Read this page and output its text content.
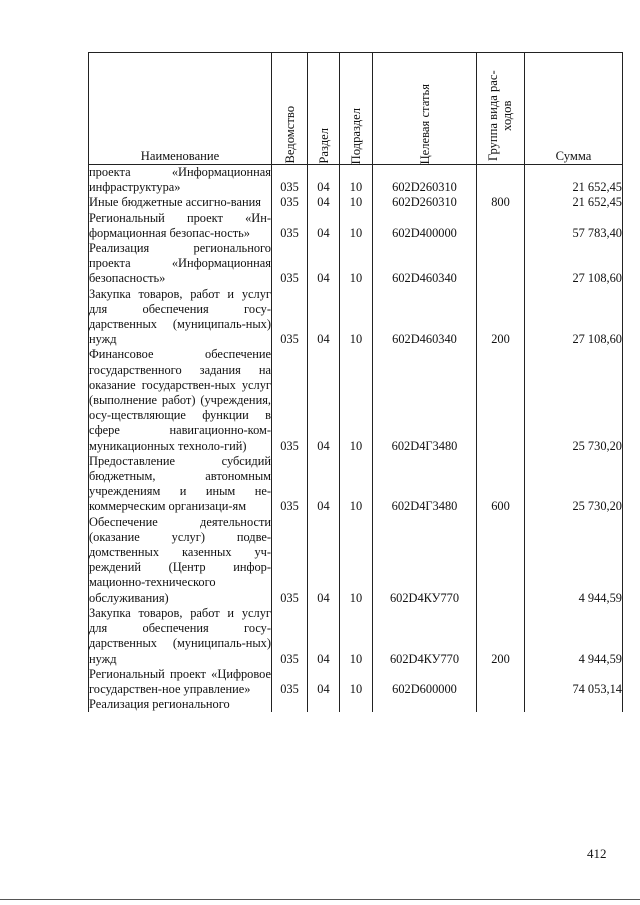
Наименование	Ведомство	Раздел	Подраздел	Целевая статья	Группа вида рас-ходов	Сумма
проекта «Информационная инфраструктура»	035	04	10	602D260310		21 652,45
Иные бюджетные ассигно-вания	035	04	10	602D260310	800	21 652,45
Региональный проект «Ин-формационная безопас-ность»	035	04	10	602D400000		57 783,40
Реализация регионального проекта «Информационная безопасность»	035	04	10	602D460340		27 108,60
Закупка товаров, работ и услуг для обеспечения госу-дарственных (муниципаль-ных) нужд	035	04	10	602D460340	200	27 108,60
Финансовое обеспечение государственного задания на оказание государствен-ных услуг (выполнение работ) (учреждения, осу-ществляющие функции в сфере навигационно-ком-муникационных техноло-гий)	035	04	10	602D4Г3480		25 730,20
Предоставление субсидий бюджетным, автономным учреждениям и иным не-коммерческим организаци-ям	035	04	10	602D4Г3480	600	25 730,20
Обеспечение деятельности (оказание услуг) подве-домственных казенных уч-реждений (Центр инфор-мационно-технического обслуживания)	035	04	10	602D4КУ770		4 944,59
Закупка товаров, работ и услуг для обеспечения госу-дарственных (муниципаль-ных) нужд	035	04	10	602D4КУ770	200	4 944,59
Региональный проект «Цифровое государствен-ное управление»	035	04	10	602D600000		74 053,14
Реализация регионального						
412
